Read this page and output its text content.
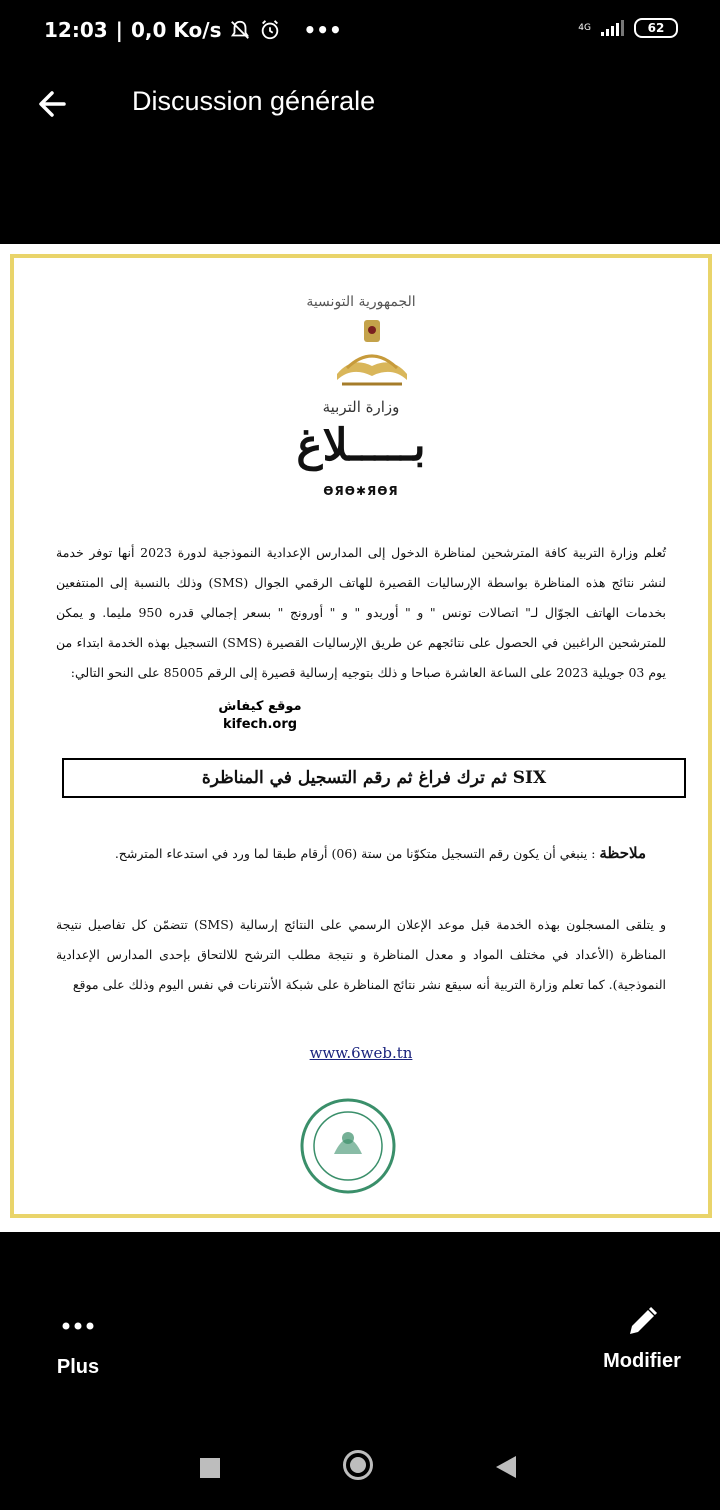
12:03 | 0,0 Ko/s	•••	4G	62
Discussion générale
الجمهورية التونسية
وزارة التربية
بـــــلاغ
ӨЯӨ✱ЯӨЯ
تُعلم وزارة التربية كافة المترشحين لمناظرة الدخول إلى المدارس الإعدادية النموذجية لدورة 2023 أنها توفر خدمة لنشر نتائج هذه المناظرة بواسطة الإرساليات القصيرة للهاتف الرقمي الجوال (SMS) وذلك بالنسبة إلى المنتفعين بخدمات الهاتف الجوّال لـ" اتصالات تونس " و " أوريدو " و " أورونج " بسعر إجمالي قدره 950 مليما. و يمكن للمترشحين الراغبين في الحصول على نتائجهم عن طريق الإرساليات القصيرة (SMS) التسجيل بهذه الخدمة ابتداء من يوم 03 جويلية 2023 على الساعة العاشرة صباحا و ذلك بتوجيه إرسالية قصيرة إلى الرقم 85005 على النحو التالي:
موقع كيفاش
kifech.org
SIX ثم ترك فراغ ثم رقم التسجيل في المناظرة
ملاحظة : ينبغي أن يكون رقم التسجيل متكوّنا من ستة (06) أرقام طبقا لما ورد في استدعاء المترشح.
و يتلقى المسجلون بهذه الخدمة قبل موعد الإعلان الرسمي على النتائج إرسالية (SMS) تتضمّن كل تفاصيل نتيجة المناظرة (الأعداد في مختلف المواد و معدل المناظرة و نتيجة مطلب الترشح للالتحاق بإحدى المدارس الإعدادية النموذجية). كما تعلم وزارة التربية أنه سيقع نشر نتائج المناظرة على شبكة الأنترنات في نفس اليوم وذلك على موقع
www.6web.tn
Plus	Modifier
